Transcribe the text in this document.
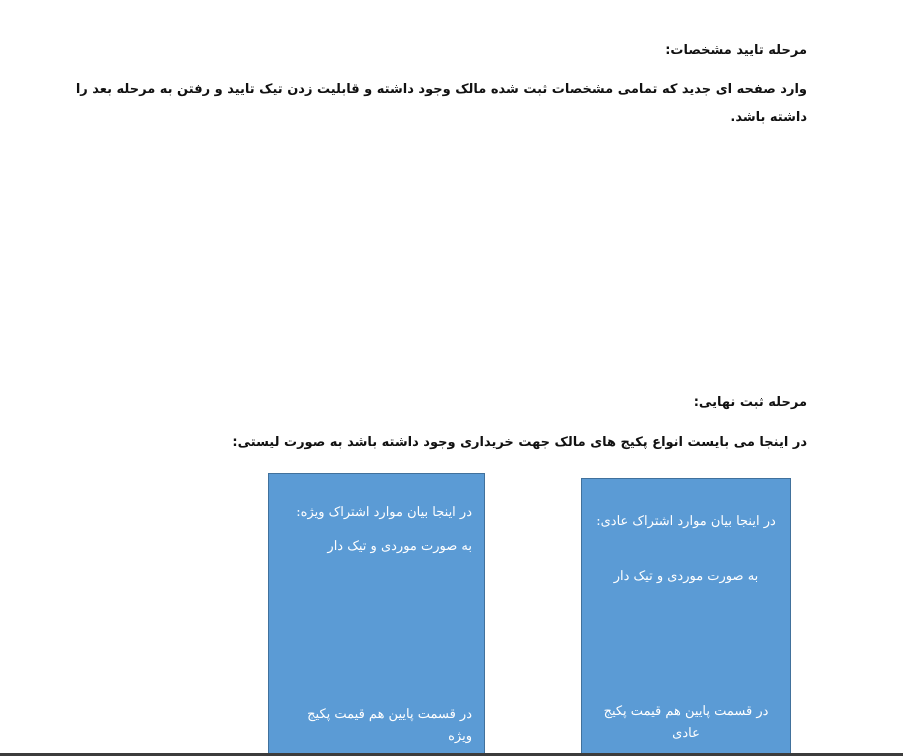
مرحله تایید مشخصات:
وارد صفحه ای جدید که تمامی مشخصات ثبت شده مالک وجود داشته و قابلیت زدن تیک تایید و رفتن به مرحله بعد را داشته باشد.
مرحله ثبت نهایی:
در اینجا می بایست انواع پکیج های مالک جهت خریداری وجود داشته باشد به صورت لیستی:
در اینجا بیان موارد اشتراک ویژه:
به صورت موردی و تیک دار
در قسمت پایین هم قیمت پکیج ویژه
در اینجا بیان موارد اشتراک عادی:
به صورت موردی و تیک دار
در قسمت پایین هم قیمت پکیج عادی
